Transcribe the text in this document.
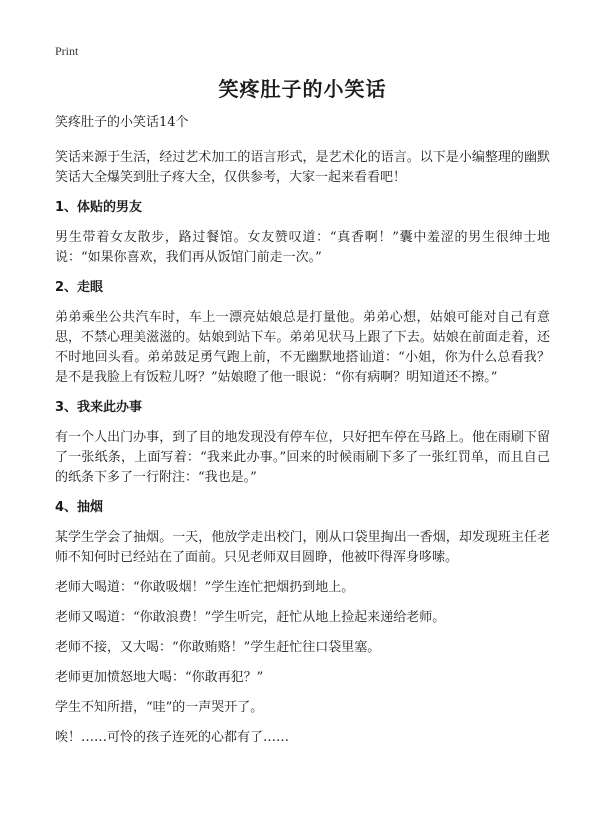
Print
笑疼肚子的小笑话
笑疼肚子的小笑话14个

笑话来源于生活，经过艺术加工的语言形式，是艺术化的语言。以下是小编整理的幽默笑话大全爆笑到肚子疼大全，仅供参考，大家一起来看看吧！

1、体贴的男友

男生带着女友散步，路过餐馆。女友赞叹道：“真香啊！”囊中羞涩的男生很绅士地说：“如果你喜欢，我们再从饭馆门前走一次。”

2、走眼

弟弟乘坐公共汽车时，车上一漂亮姑娘总是打量他。弟弟心想，姑娘可能对自己有意思，不禁心理美滋滋的。姑娘到站下车。弟弟见状马上跟了下去。姑娘在前面走着，还不时地回头看。弟弟鼓足勇气跑上前，不无幽默地搭讪道：“小姐，你为什么总看我？是不是我脸上有饭粒儿呀？”姑娘瞪了他一眼说：“你有病啊？明知道还不擦。”

3、我来此办事

有一个人出门办事，到了目的地发现没有停车位，只好把车停在马路上。他在雨刷下留了一张纸条，上面写着：“我来此办事。”回来的时候雨刷下多了一张红罚单，而且自己的纸条下多了一行附注：“我也是。”

4、抽烟

某学生学会了抽烟。一天，他放学走出校门，刚从口袋里掏出一香烟，却发现班主任老师不知何时已经站在了面前。只见老师双目圆睁，他被吓得浑身哆嗦。

老师大喝道：“你敢吸烟！”学生连忙把烟扔到地上。

老师又喝道：“你敢浪费！”学生听完，赶忙从地上捡起来递给老师。

老师不接，又大喝：“你敢贿赂！”学生赶忙往口袋里塞。

老师更加愤怒地大喝：“你敢再犯？”

学生不知所措，“哇”的一声哭开了。

唉！……可怜的孩子连死的心都有了……
